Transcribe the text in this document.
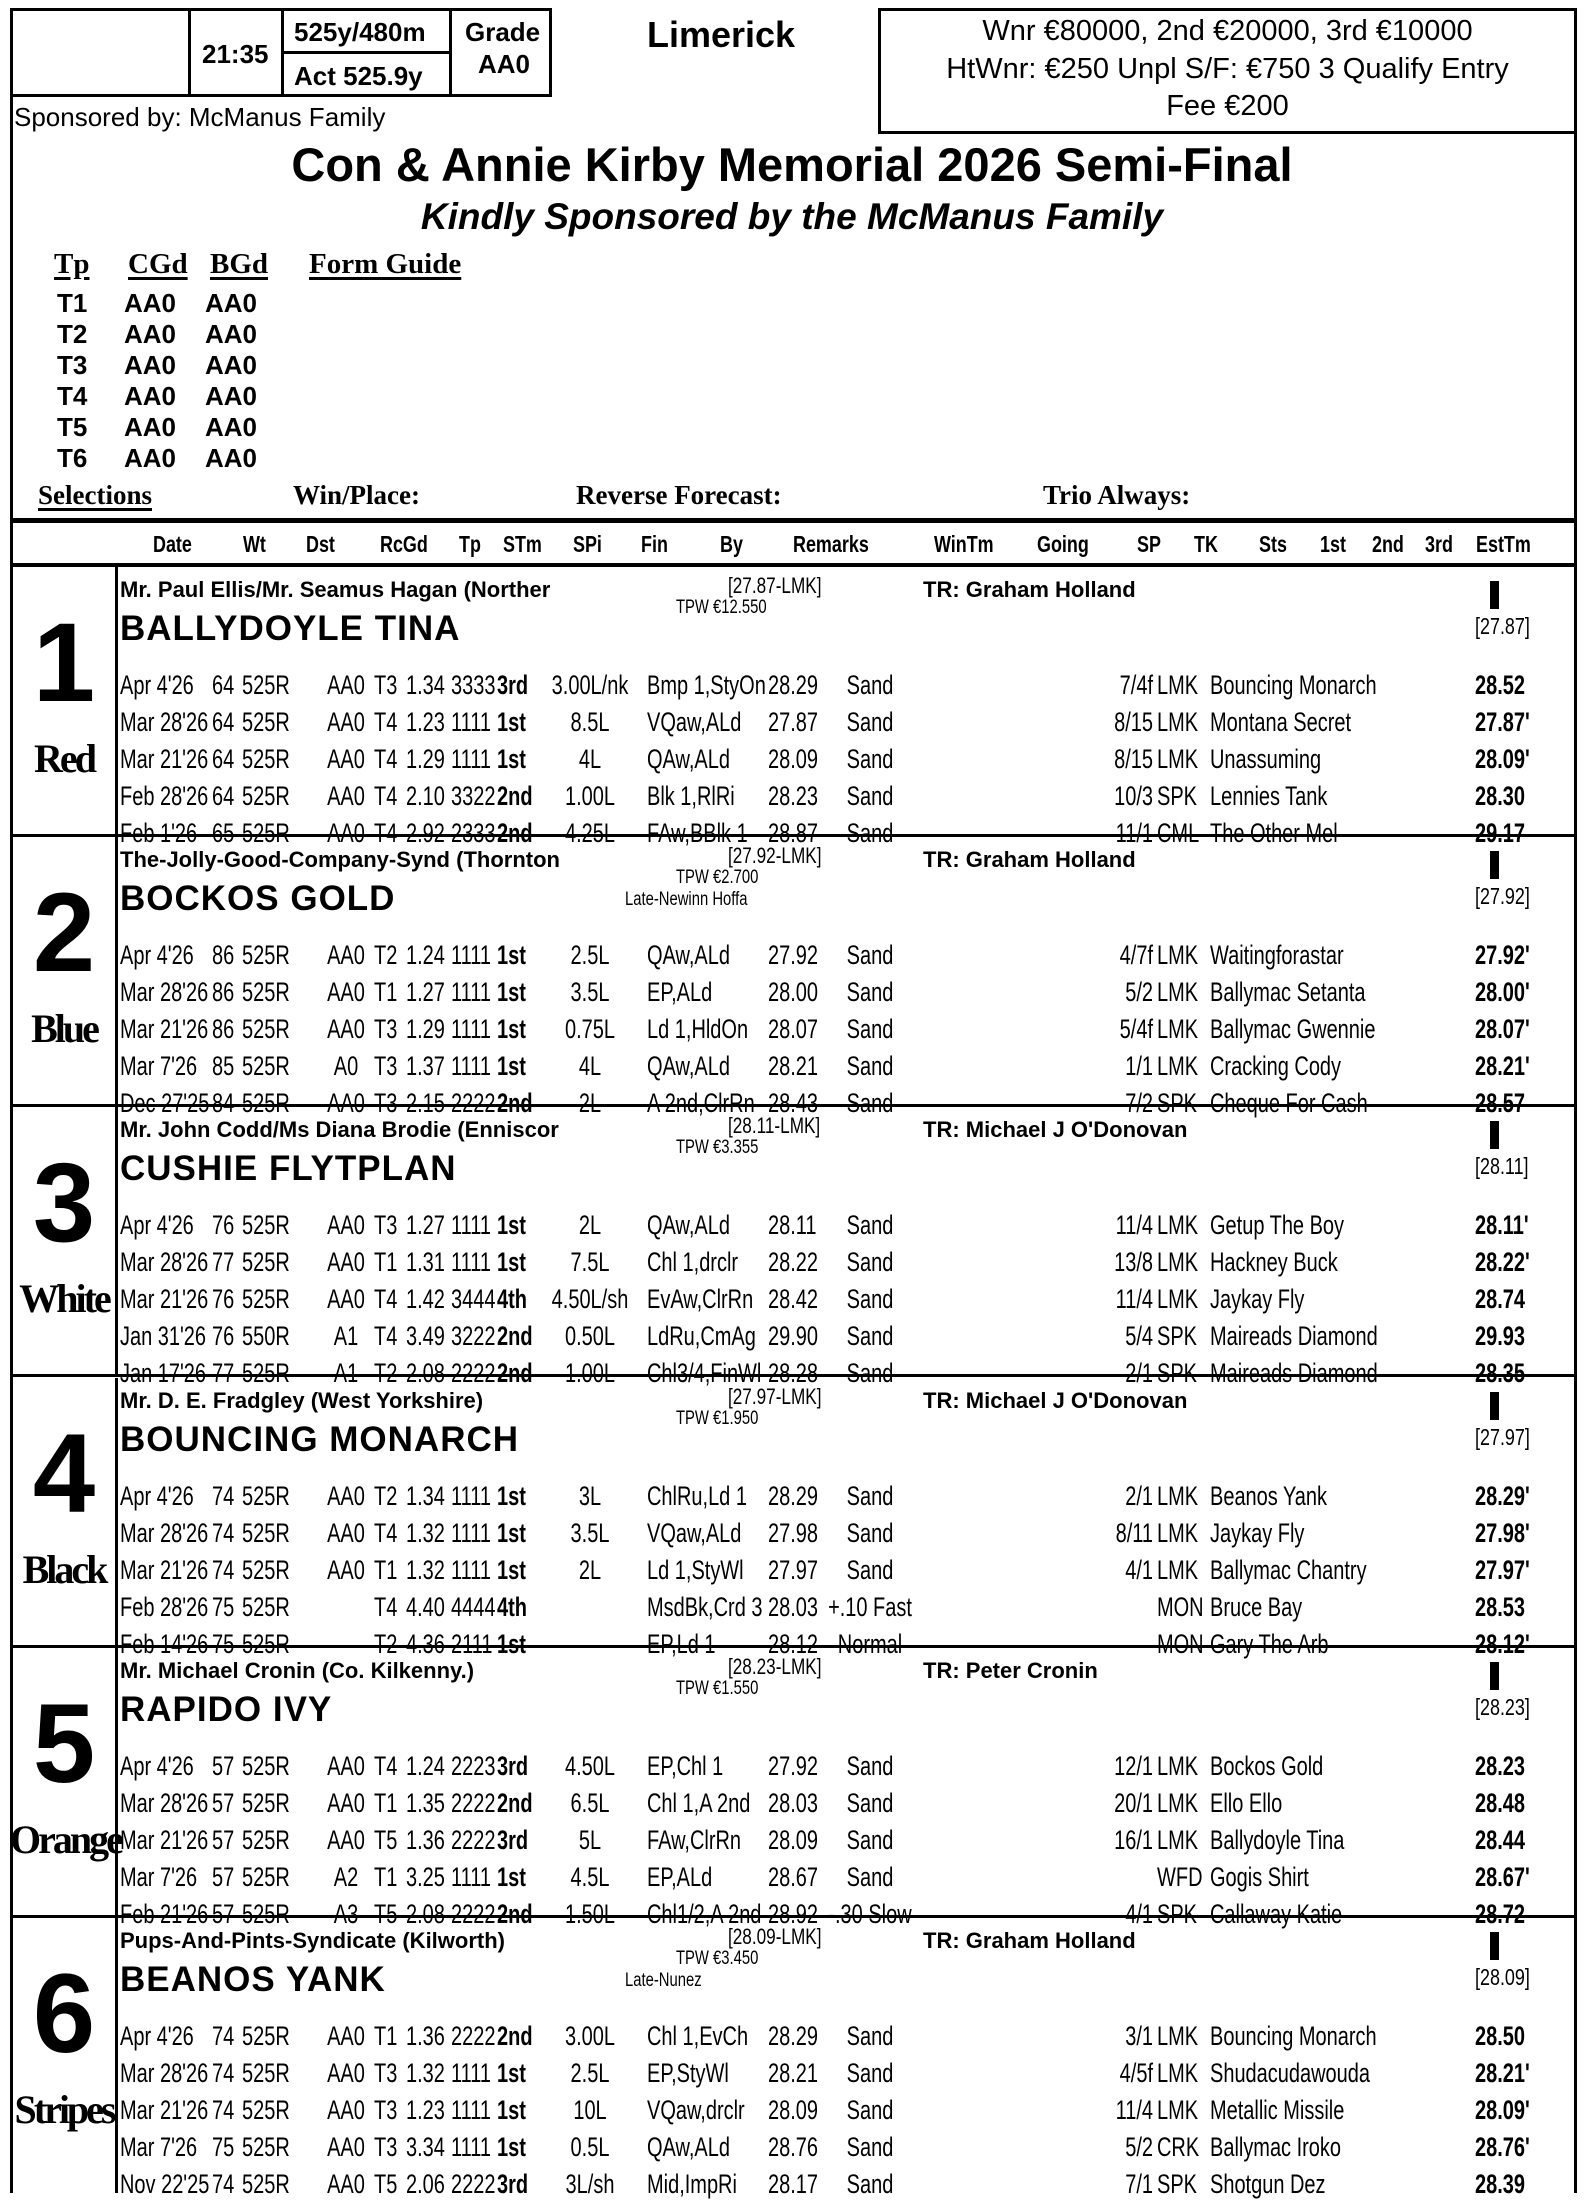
21:35
525y/480m
Act 525.9y
Grade
AA0
Limerick	Wnr €80000, 2nd €20000, 3rd €10000
HtWnr: €250 Unpl S/F: €750 3 Qualify Entry
Fee €200
Sponsored by: McManus Family
Con & Annie Kirby Memorial 2026 Semi-Final
Kindly Sponsored by the McManus Family
Tp CGd BGd Form Guide
T1 AA0 AA0
T2 AA0 AA0
T3 AA0 AA0
T4 AA0 AA0
T5 AA0 AA0
T6 AA0 AA0
Selections	Win/Place:	Reverse Forecast:	Trio Always:
Date Wt Dst RcGd Tp STm SPi Fin By Remarks	WinTm Going SP TK Sts 1st 2nd 3rd EstTm
1
Red
Mr. Paul Ellis/Mr. Seamus Hagan (Norther	[27.87-LMK]
TPW €12.550
TR: Graham Holland
BALLYDOYLE TINA	[27.87]
Apr 4'26 64 525R AA0 T3 1.34 3333 3rd 3.00L/nk Bmp 1,StyOn 28.29	Sand	7/4f LMK Bouncing Monarch	28.52
Mar 28'26 64 525R AA0 T4 1.23 1111 1st	8.5L	VQaw,ALd 27.87	Sand	8/15 LMK Montana Secret	27.87'
Mar 21'26 64 525R AA0 T4 1.29 1111 1st	4L	QAw,ALd 28.09	Sand	8/15 LMK Unassuming	28.09'
Feb 28'26 64 525R AA0 T4 2.10 3322 2nd	1.00L	Blk 1,RlRi 28.23	Sand	10/3 SPK Lennies Tank	28.30
Feb 1'26 65 525R AA0 T4 2.92 2333 2nd	4.25L	FAw,BBlk 1 28.87	Sand	11/1 CML The Other Mel	29.17
2
Blue
The-Jolly-Good-Company-Synd (Thornton	[27.92-LMK]
TPW €2.700
Late-Newinn Hoffa
TR: Graham Holland
BOCKOS GOLD	[27.92]
Apr 4'26 86 525R AA0 T2 1.24 1111 1st	2.5L	QAw,ALd 27.92	Sand	4/7f LMK Waitingforastar	27.92'
Mar 28'26 86 525R AA0 T1 1.27 1111 1st	3.5L	EP,ALd 28.00	Sand	5/2 LMK Ballymac Setanta	28.00'
Mar 21'26 86 525R AA0 T3 1.29 1111 1st	0.75L	Ld 1,HldOn 28.07	Sand	5/4f LMK Ballymac Gwennie	28.07'
Mar 7'26 85 525R	A0 T3 1.37 1111 1st	4L	QAw,ALd 28.21	Sand	1/1 LMK Cracking Cody	28.21'
Dec 27'25 84 525R AA0 T3 2.15 2222 2nd	2L	A 2nd,ClrRn 28.43	Sand	7/2 SPK Cheque For Cash	28.57
3
White
Mr. John Codd/Ms Diana Brodie (Enniscor	[28.11-LMK]
TPW €3.355
TR: Michael J O'Donovan
CUSHIE FLYTPLAN	[28.11]
Apr 4'26 76 525R AA0 T3 1.27 1111 1st	2L	QAw,ALd 28.11	Sand	11/4 LMK Getup The Boy	28.11'
Mar 28'26 77 525R AA0 T1 1.31 1111 1st	7.5L	Chl 1,drclr 28.22	Sand	13/8 LMK Hackney Buck	28.22'
Mar 21'26 76 525R AA0 T4 1.42 3444 4th 4.50L/sh EvAw,ClrRn 28.42	Sand	11/4 LMK Jaykay Fly	28.74
Jan 31'26 76 550R	A1 T4 3.49 3222 2nd	0.50L	LdRu,CmAg 29.90	Sand	5/4 SPK Maireads Diamond	29.93
Jan 17'26 77 525R	A1 T2 2.08 2222 2nd	1.00L	Chl3/4,FinWl 28.28	Sand	2/1 SPK Maireads Diamond	28.35
4
Black
Mr. D. E. Fradgley (West Yorkshire)	[27.97-LMK]
TPW €1.950
TR: Michael J O'Donovan
BOUNCING MONARCH	[27.97]
Apr 4'26 74 525R AA0 T2 1.34 1111 1st	3L	ChlRu,Ld 1 28.29	Sand	2/1 LMK Beanos Yank	28.29'
Mar 28'26 74 525R AA0 T4 1.32 1111 1st	3.5L	VQaw,ALd 27.98	Sand	8/11 LMK Jaykay Fly	27.98'
Mar 21'26 74 525R AA0 T1 1.32 1111 1st	2L	Ld 1,StyWl 27.97	Sand	4/1 LMK Ballymac Chantry	27.97'
Feb 28'26 75 525R	T4 4.40 4444 4th	MsdBk,Crd 3 28.03 +.10 Fast	MON Bruce Bay	28.53
Feb 14'26 75 525R	T2 4.36 2111 1st	EP,Ld 1 28.12 Normal	MON Gary The Arb	28.12'
5
Orange
Mr. Michael Cronin (Co. Kilkenny.)	[28.23-LMK]
TPW €1.550
TR: Peter Cronin
RAPIDO IVY	[28.23]
Apr 4'26 57 525R AA0 T4 1.24 2223 3rd	4.50L	EP,Chl 1 27.92	Sand	12/1 LMK Bockos Gold	28.23
Mar 28'26 57 525R AA0 T1 1.35 2222 2nd	6.5L	Chl 1,A 2nd 28.03	Sand	20/1 LMK Ello Ello	28.48
Mar 21'26 57 525R AA0 T5 1.36 2222 3rd	5L	FAw,ClrRn 28.09	Sand	16/1 LMK Ballydoyle Tina	28.44
Mar 7'26 57 525R	A2 T1 3.25 1111 1st	4.5L	EP,ALd 28.67	Sand	WFD Gogis Shirt	28.67'
Feb 21'26 57 525R	A3 T5 2.08 2222 2nd	1.50L	Chl1/2,A 2nd 28.92 -.30 Slow	4/1 SPK Callaway Katie	28.72
6
Stripes
Pups-And-Pints-Syndicate (Kilworth)	[28.09-LMK]
TPW €3.450
Late-Nunez
TR: Graham Holland
BEANOS YANK	[28.09]
Apr 4'26 74 525R AA0 T1 1.36 2222 2nd	3.00L	Chl 1,EvCh 28.29	Sand	3/1 LMK Bouncing Monarch	28.50
Mar 28'26 74 525R AA0 T3 1.32 1111 1st	2.5L	EP,StyWl 28.21	Sand	4/5f LMK Shudacudawouda	28.21'
Mar 21'26 74 525R AA0 T3 1.23 1111 1st	10L	VQaw,drclr 28.09	Sand	11/4 LMK Metallic Missile	28.09'
Mar 7'26 75 525R AA0 T3 3.34 1111 1st	0.5L	QAw,ALd 28.76	Sand	5/2 CRK Ballymac Iroko	28.76'
Nov 22'25 74 525R AA0 T5 2.06 2222 3rd	3L/sh	Mid,ImpRi 28.17	Sand	7/1 SPK Shotgun Dez	28.39
